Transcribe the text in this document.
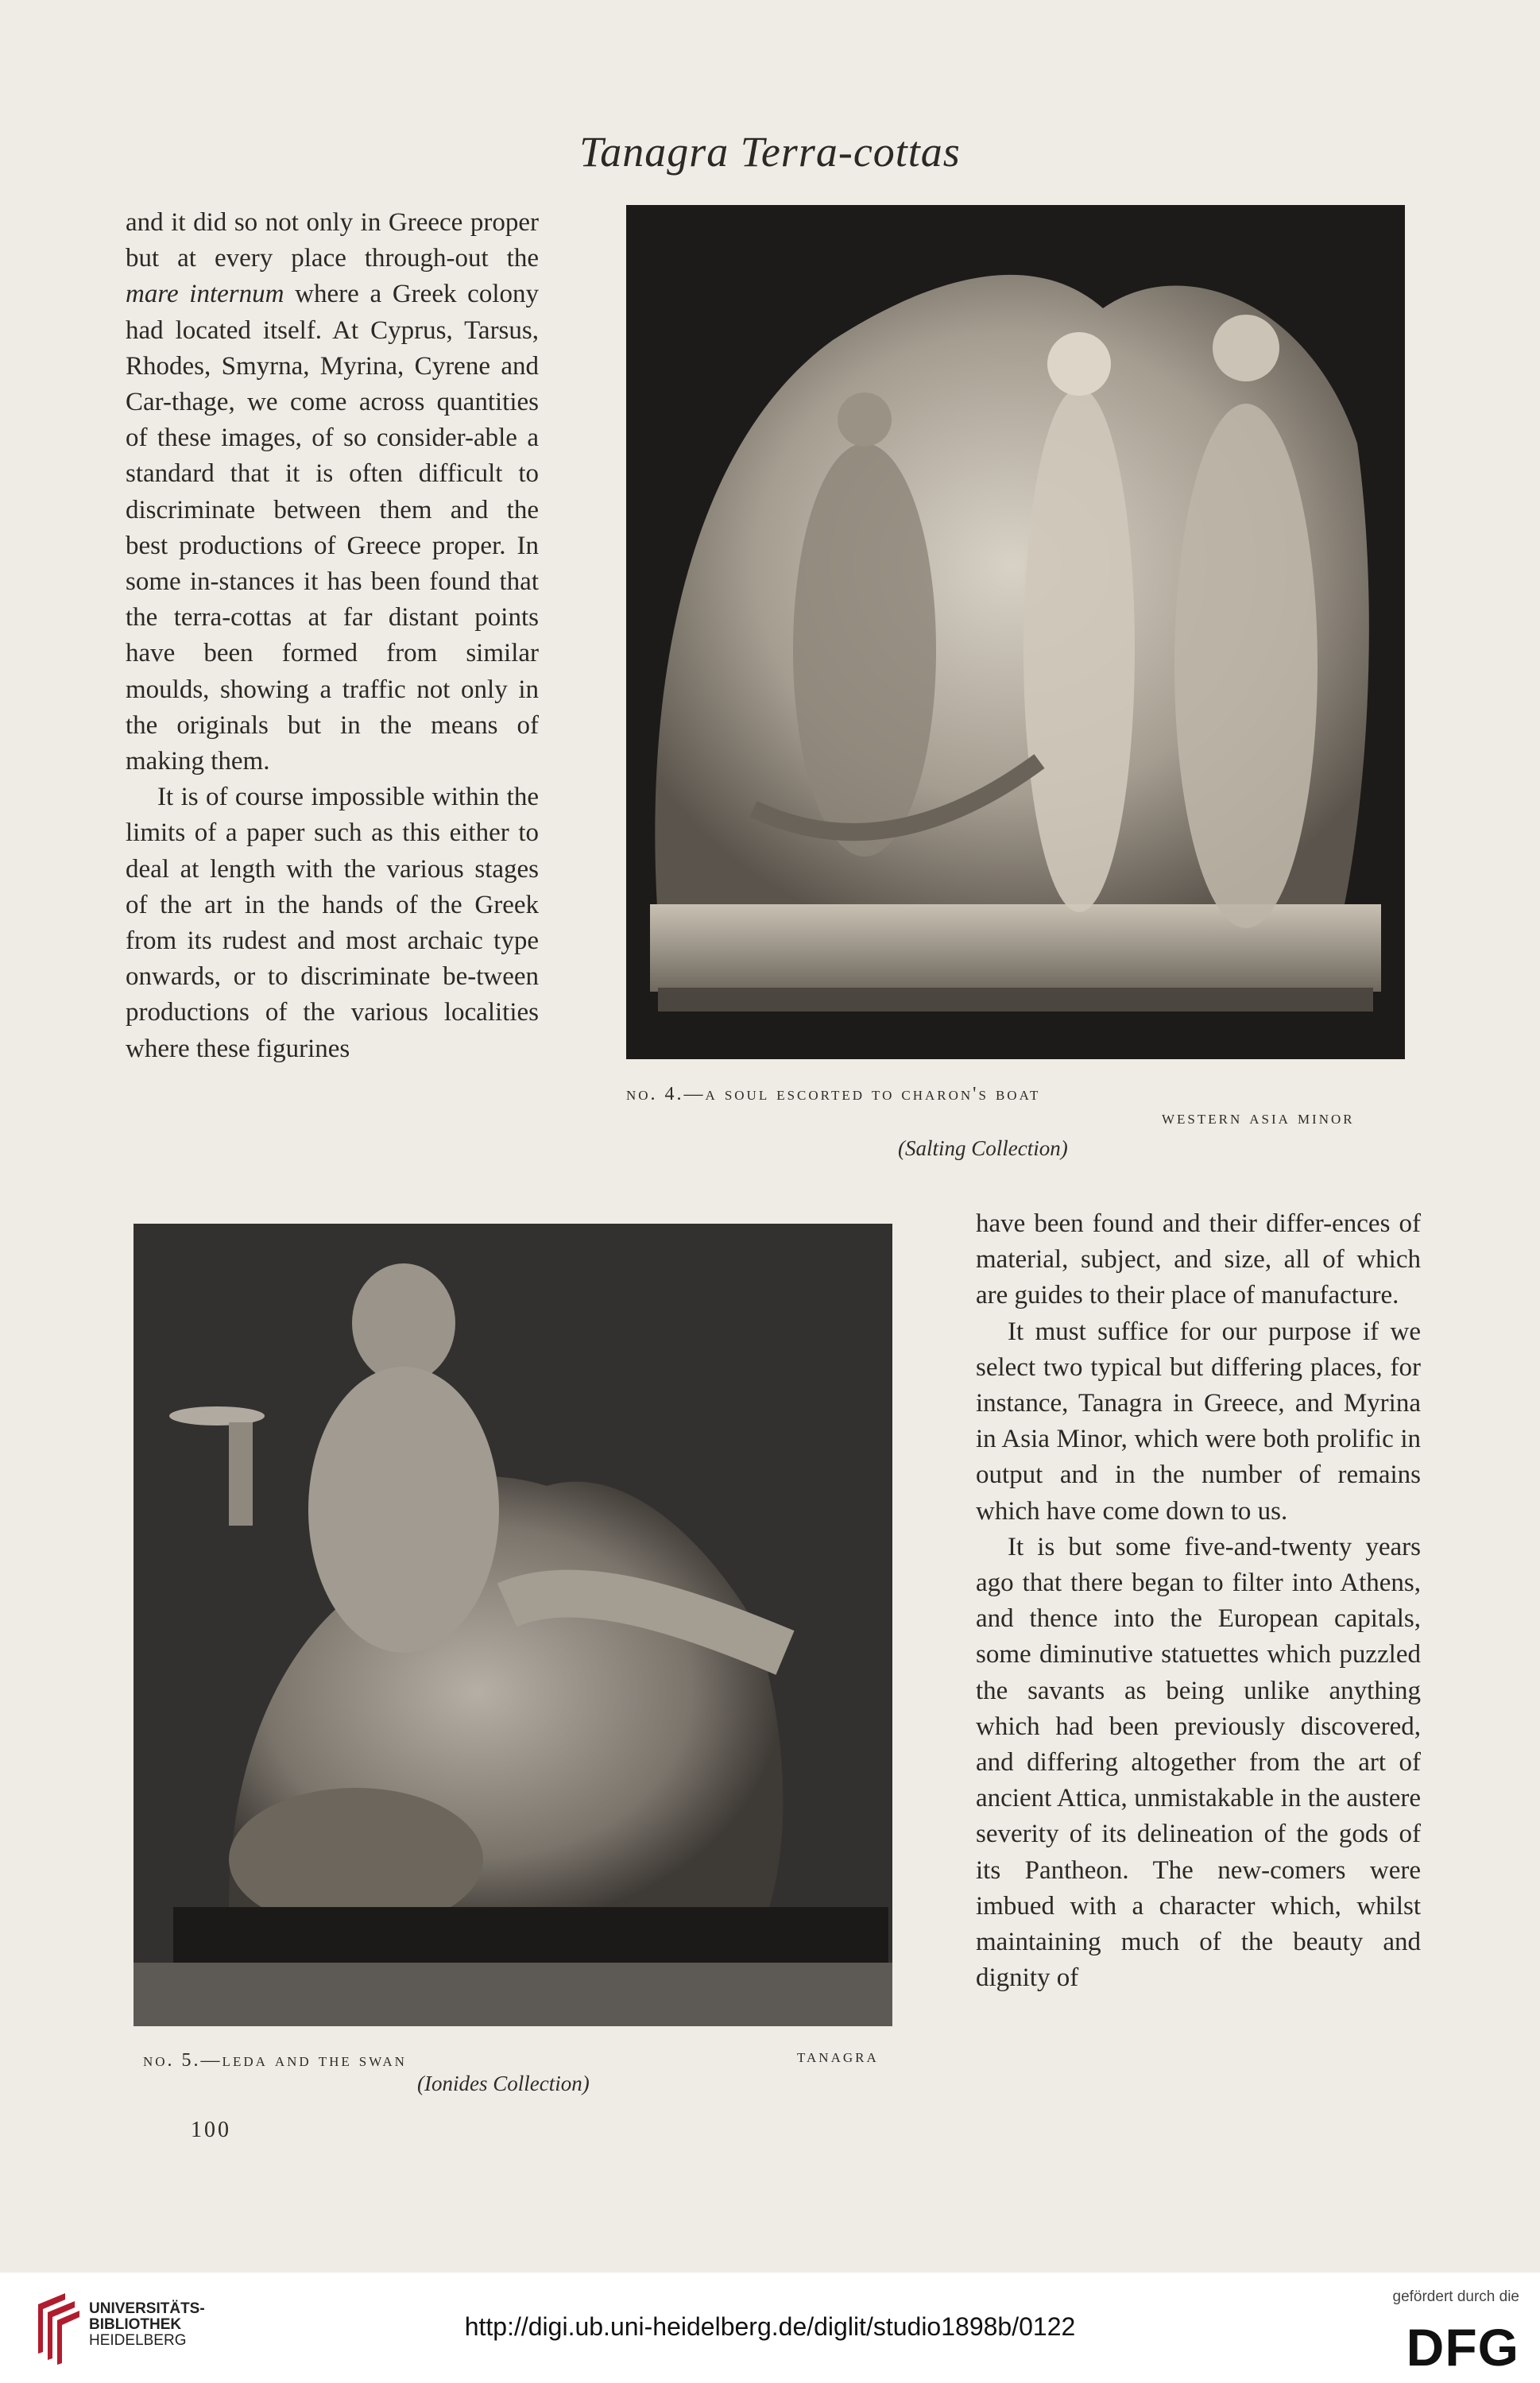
Tanagra Terra-cottas

and it did so not only in Greece proper but at every place through-out the mare internum where a Greek colony had located itself. At Cyprus, Tarsus, Rhodes, Smyrna, Myrina, Cyrene and Car-thage, we come across quantities of these images, of so consider-able a standard that it is often difficult to discriminate between them and the best productions of Greece proper. In some in-stances it has been found that the terra-cottas at far distant points have been formed from similar moulds, showing a traffic not only in the originals but in the means of making them.

It is of course impossible within the limits of a paper such as this either to deal at length with the various stages of the art in the hands of the Greek from its rudest and most archaic type onwards, or to discriminate be-tween productions of the various localities where these figurines

no. 4.—a soul escorted to charon's boat
western asia minor
(Salting Collection)
no. 5.—leda and the swan	tanagra
(Ionides Collection)

have been found and their differ-ences of material, subject, and size, all of which are guides to their place of manufacture.

It must suffice for our purpose if we select two typical but differing places, for instance, Tanagra in Greece, and Myrina in Asia Minor, which were both prolific in output and in the number of remains which have come down to us.

It is but some five-and-twenty years ago that there began to filter into Athens, and thence into the European capitals, some diminutive statuettes which puzzled the savants as being unlike anything which had been previously discovered, and differing altogether from the art of ancient Attica, unmistakable in the austere severity of its delineation of the gods of its Pantheon. The new-comers were imbued with a character which, whilst maintaining much of the beauty and dignity of

100
UNIVERSITÄTS-
BIBLIOTHEK
HEIDELBERG	http://digi.ub.uni-heidelberg.de/diglit/studio1898b/0122
gefördert durch die
DFG
